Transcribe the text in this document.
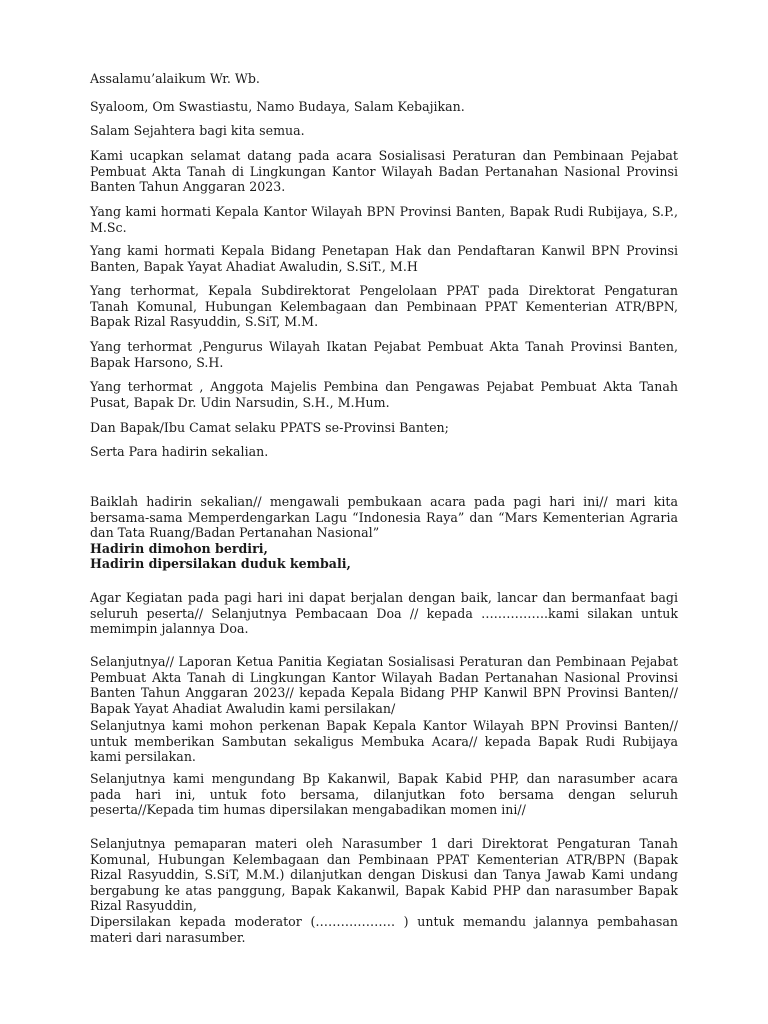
Assalamu’alaikum Wr. Wb.

Syaloom, Om Swastiastu, Namo Budaya, Salam Kebajikan.

Salam Sejahtera bagi kita semua.

Kami ucapkan selamat datang pada acara Sosialisasi Peraturan dan Pembinaan Pejabat Pembuat Akta Tanah di Lingkungan Kantor Wilayah Badan Pertanahan Nasional Provinsi Banten Tahun Anggaran 2023.

Yang kami hormati Kepala Kantor Wilayah BPN Provinsi Banten, Bapak Rudi Rubijaya, S.P., M.Sc.

Yang kami hormati Kepala Bidang Penetapan Hak dan Pendaftaran Kanwil BPN Provinsi Banten, Bapak Yayat Ahadiat Awaludin, S.SiT., M.H

Yang terhormat, Kepala Subdirektorat Pengelolaan PPAT pada Direktorat Pengaturan Tanah Komunal, Hubungan Kelembagaan dan Pembinaan PPAT Kementerian ATR/BPN, Bapak Rizal Rasyuddin, S.SiT, M.M.

Yang terhormat ,Pengurus Wilayah Ikatan Pejabat Pembuat Akta Tanah Provinsi Banten, Bapak Harsono, S.H.

Yang terhormat , Anggota Majelis Pembina dan Pengawas Pejabat Pembuat Akta Tanah Pusat, Bapak Dr. Udin Narsudin, S.H., M.Hum.

Dan Bapak/Ibu Camat selaku PPATS se-Provinsi Banten;

Serta Para hadirin sekalian.

Baiklah hadirin sekalian// mengawali pembukaan acara pada pagi hari ini// mari kita bersama-sama Memperdengarkan Lagu “Indonesia Raya” dan “Mars Kementerian Agraria dan Tata Ruang/Badan Pertanahan Nasional”
Hadirin dimohon berdiri,
Hadirin dipersilakan duduk kembali,

Agar Kegiatan pada pagi hari ini dapat berjalan dengan baik, lancar dan bermanfaat bagi seluruh peserta// Selanjutnya Pembacaan Doa // kepada …………….kami silakan untuk memimpin jalannya Doa.

Selanjutnya// Laporan Ketua Panitia Kegiatan Sosialisasi Peraturan dan Pembinaan Pejabat Pembuat Akta Tanah di Lingkungan Kantor Wilayah Badan Pertanahan Nasional Provinsi Banten Tahun Anggaran 2023// kepada Kepala Bidang PHP Kanwil BPN Provinsi Banten// Bapak Yayat Ahadiat Awaludin kami persilakan/

Selanjutnya kami mohon perkenan Bapak Kepala Kantor Wilayah BPN Provinsi Banten// untuk memberikan Sambutan sekaligus Membuka Acara// kepada Bapak Rudi Rubijaya kami persilakan.

Selanjutnya kami mengundang Bp Kakanwil, Bapak Kabid PHP, dan narasumber acara pada hari ini, untuk foto bersama, dilanjutkan foto bersama dengan seluruh peserta//Kepada tim humas dipersilakan mengabadikan momen ini//

Selanjutnya pemaparan materi oleh Narasumber 1 dari Direktorat Pengaturan Tanah Komunal, Hubungan Kelembagaan dan Pembinaan PPAT Kementerian ATR/BPN (Bapak Rizal Rasyuddin, S.SiT, M.M.) dilanjutkan dengan Diskusi dan Tanya Jawab Kami undang bergabung ke atas panggung, Bapak Kakanwil, Bapak Kabid PHP dan narasumber Bapak Rizal Rasyuddin,
Dipersilakan kepada moderator (………………. ) untuk memandu jalannya pembahasan materi dari narasumber.
